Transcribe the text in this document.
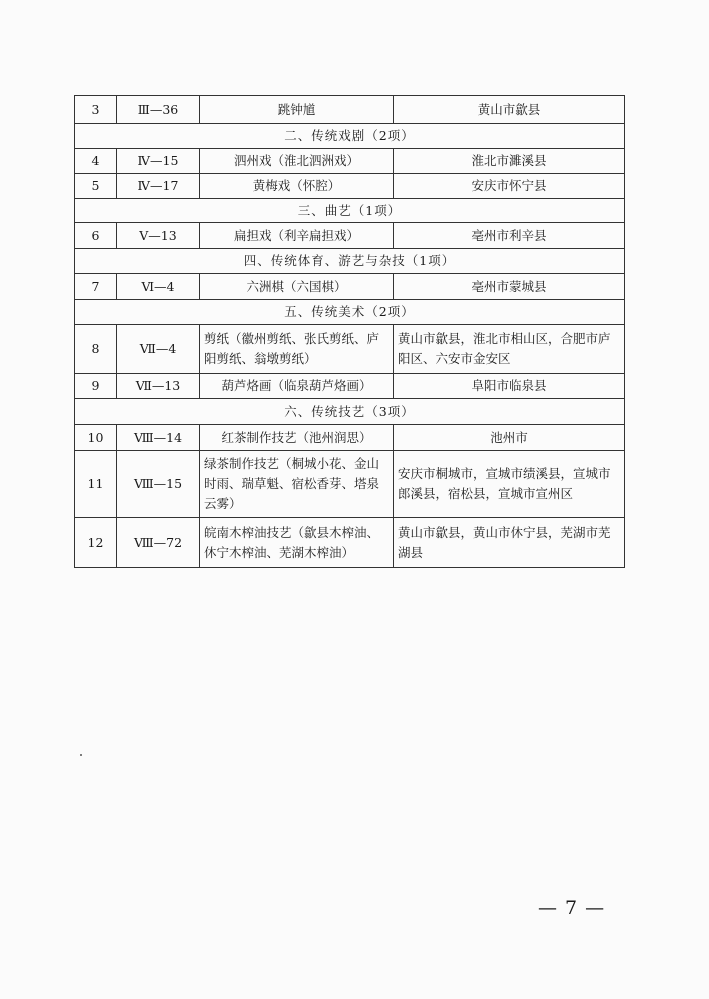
3	Ⅲ—36	跳钟馗	黄山市歙县
二、传统戏剧（2项）			
4	Ⅳ—15	泗州戏（淮北泗洲戏）	淮北市濉溪县
5	Ⅳ—17	黄梅戏（怀腔）	安庆市怀宁县
三、曲艺（1项）			
6	Ⅴ—13	扁担戏（利辛扁担戏）	亳州市利辛县
四、传统体育、游艺与杂技（1项）			
7	Ⅵ—4	六洲棋（六国棋）	亳州市蒙城县
五、传统美术（2项）			
8	Ⅶ—4	剪纸（徽州剪纸、张氏剪纸、庐阳剪纸、翁墩剪纸）	黄山市歙县，淮北市相山区，合肥市庐阳区、六安市金安区
9	Ⅶ—13	葫芦烙画（临泉葫芦烙画）	阜阳市临泉县
六、传统技艺（3项）			
10	Ⅷ—14	红茶制作技艺（池州润思）	池州市
11	Ⅷ—15	绿茶制作技艺（桐城小花、金山时雨、瑞草魁、宿松香芽、塔泉云雾）	安庆市桐城市，宣城市绩溪县，宣城市郎溪县，宿松县，宣城市宣州区
12	Ⅷ—72	皖南木榨油技艺（歙县木榨油、休宁木榨油、芜湖木榨油）	黄山市歙县，黄山市休宁县，芜湖市芜湖县
— 7 —
